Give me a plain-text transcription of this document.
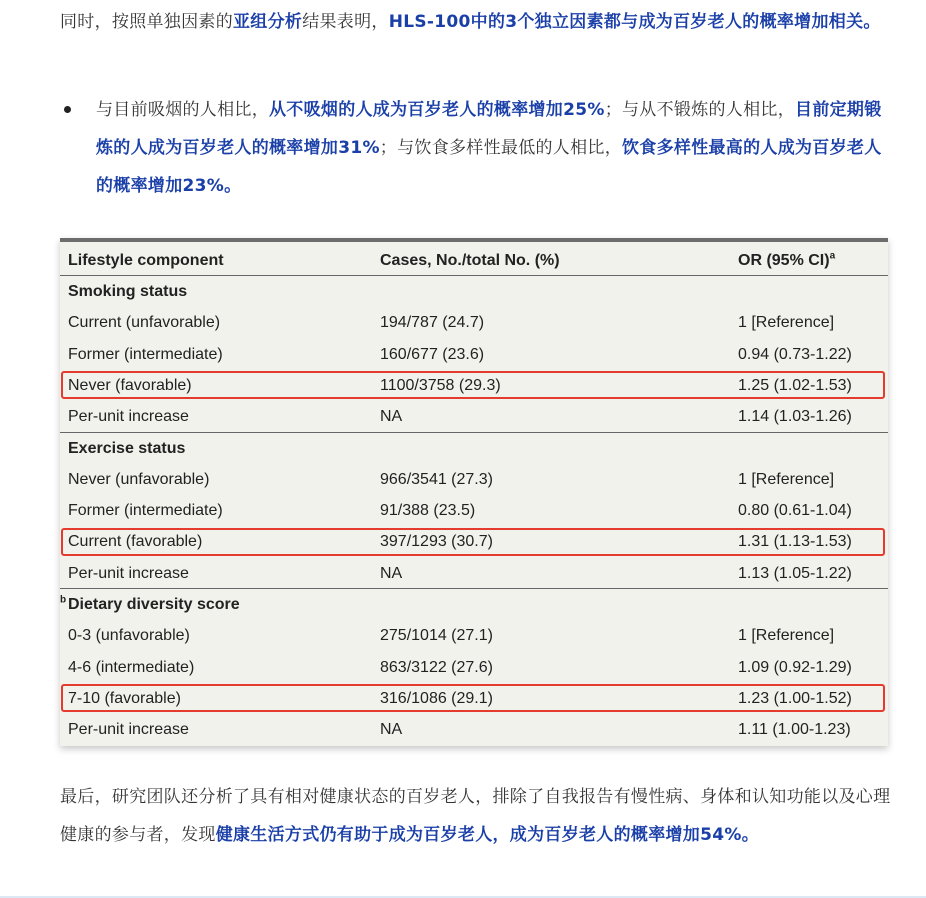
同时，按照单独因素的亚组分析结果表明，HLS-100中的3个独立因素都与成为百岁老人的概率增加相关。
与目前吸烟的人相比，从不吸烟的人成为百岁老人的概率增加25%；与从不锻炼的人相比，目前定期锻炼的人成为百岁老人的概率增加31%；与饮食多样性最低的人相比，饮食多样性最高的人成为百岁老人的概率增加23%。
Lifestyle component	Cases, No./total No. (%)	OR (95% CI)$^a$
Smoking status
Current (unfavorable)	194/787 (24.7)	1 [Reference]
Former (intermediate)	160/677 (23.6)	0.94 (0.73-1.22)
Never (favorable)	1100/3758 (29.3)	1.25 (1.02-1.53)
Per-unit increase	NA	1.14 (1.03-1.26)
Exercise status
Never (unfavorable)	966/3541 (27.3)	1 [Reference]
Former (intermediate)	91/388 (23.5)	0.80 (0.61-1.04)
Current (favorable)	397/1293 (30.7)	1.31 (1.13-1.53)
Per-unit increase	NA	1.13 (1.05-1.22)
Dietary diversity score
$^b$
0-3 (unfavorable)	275/1014 (27.1)	1 [Reference]
4-6 (intermediate)	863/3122 (27.6)	1.09 (0.92-1.29)
7-10 (favorable)	316/1086 (29.1)	1.23 (1.00-1.52)
Per-unit increase	NA	1.11 (1.00-1.23)
最后，研究团队还分析了具有相对健康状态的百岁老人，排除了自我报告有慢性病、身体和认知功能以及心理健康的参与者，发现健康生活方式仍有助于成为百岁老人，成为百岁老人的概率增加54%。
